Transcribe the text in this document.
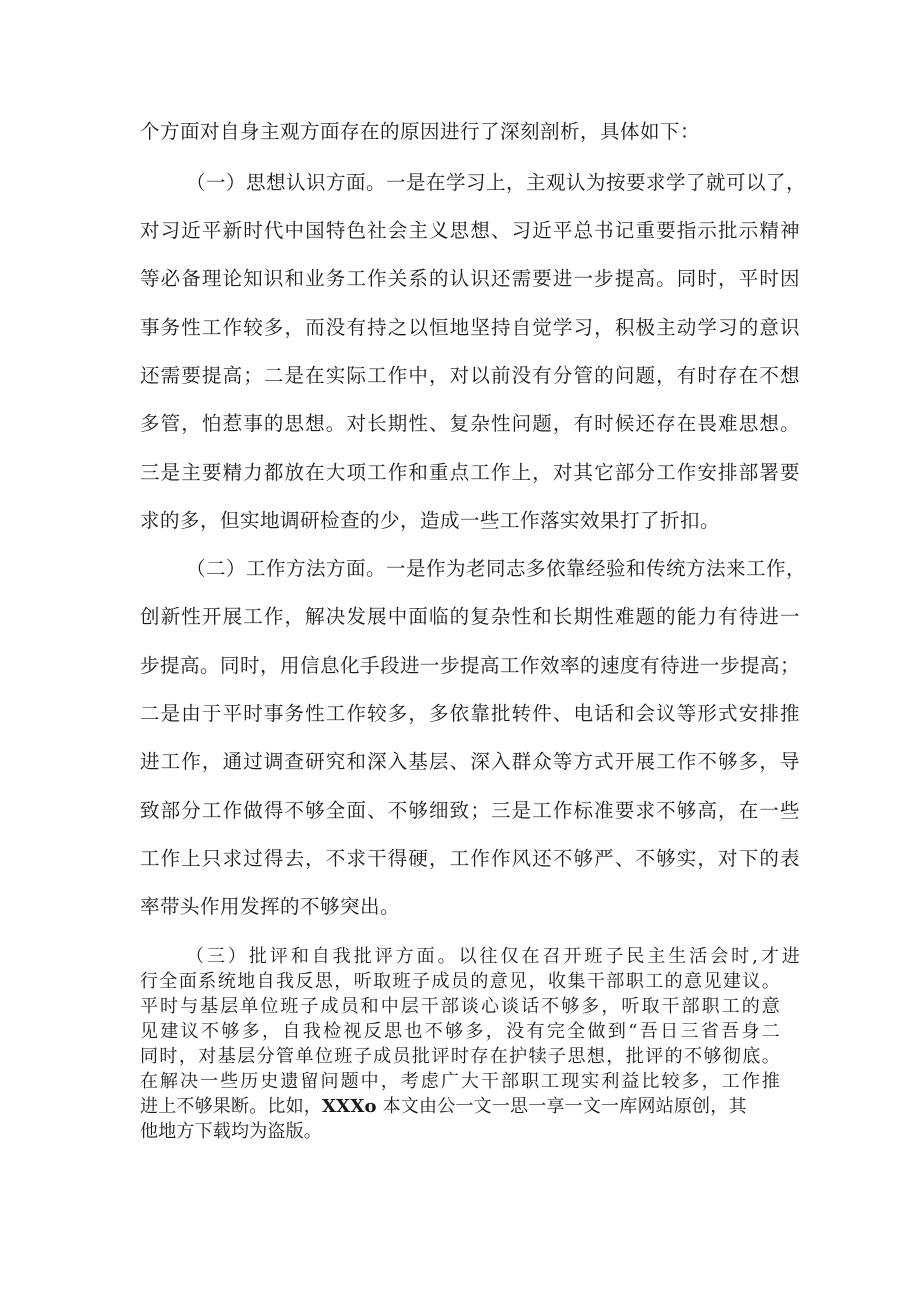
个方面对自身主观方面存在的原因进行了深刻剖析，具体如下：
（一）思想认识方面。一是在学习上，主观认为按要求学了就可以了，
对习近平新时代中国特色社会主义思想、习近平总书记重要指示批示精神
等必备理论知识和业务工作关系的认识还需要进一步提高。同时，平时因
事务性工作较多，而没有持之以恒地坚持自觉学习，积极主动学习的意识
还需要提高；二是在实际工作中，对以前没有分管的问题，有时存在不想
多管，怕惹事的思想。对长期性、复杂性问题，有时候还存在畏难思想。
三是主要精力都放在大项工作和重点工作上，对其它部分工作安排部署要
求的多，但实地调研检查的少，造成一些工作落实效果打了折扣。
（二）工作方法方面。一是作为老同志多依靠经验和传统方法来工作，
创新性开展工作，解决发展中面临的复杂性和长期性难题的能力有待进一
步提高。同时，用信息化手段进一步提高工作效率的速度有待进一步提高；
二是由于平时事务性工作较多，多依靠批转件、电话和会议等形式安排推
进工作，通过调查研究和深入基层、深入群众等方式开展工作不够多，导
致部分工作做得不够全面、不够细致；三是工作标准要求不够高，在一些
工作上只求过得去，不求干得硬，工作作风还不够严、不够实，对下的表
率带头作用发挥的不够突出。
（三）批评和自我批评方面。以往仅在召开班子民主生活会时,才进
行全面系统地自我反思，听取班子成员的意见，收集干部职工的意见建议。
平时与基层单位班子成员和中层干部谈心谈话不够多，听取干部职工的意
见建议不够多，自我检视反思也不够多，没有完全做到“吾日三省吾身二
同时，对基层分管单位班子成员批评时存在护犊子思想，批评的不够彻底。
在解决一些历史遗留问题中，考虑广大干部职工现实利益比较多，工作推
进上不够果断。比如，XXXo 本文由公一文一思一享一文一库网站原创，其
他地方下载均为盗版。
